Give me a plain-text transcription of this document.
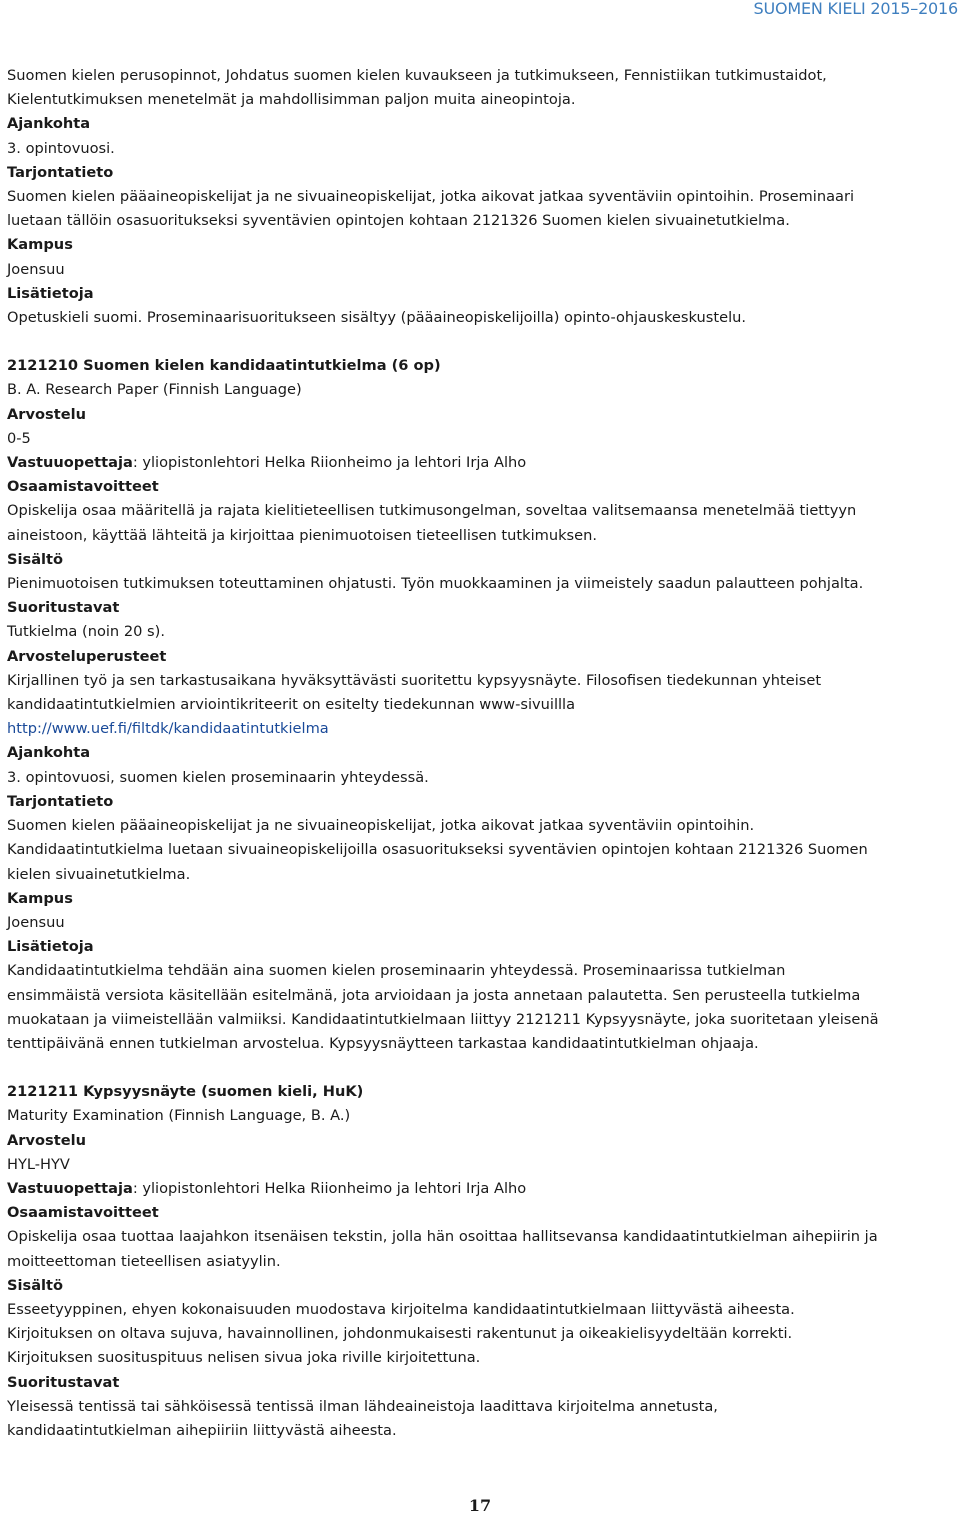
SUOMEN KIELI 2015–2016

Suomen kielen perusopinnot, Johdatus suomen kielen kuvaukseen ja tutkimukseen, Fennistiikan tutkimustaidot,

Kielentutkimuksen menetelmät ja mahdollisimman paljon muita aineopintoja.

Ajankohta

3. opintovuosi.

Tarjontatieto

Suomen kielen pääaineopiskelijat ja ne sivuaineopiskelijat, jotka aikovat jatkaa syventäviin opintoihin. Proseminaari

luetaan tällöin osasuoritukseksi syventävien opintojen kohtaan 2121326 Suomen kielen sivuainetutkielma.

Kampus

Joensuu

Lisätietoja

Opetuskieli suomi. Proseminaarisuoritukseen sisältyy (pääaineopiskelijoilla) opinto-ohjauskeskustelu.

2121210 Suomen kielen kandidaatintutkielma (6 op)

B. A. Research Paper (Finnish Language)

Arvostelu

0-5

Vastuuopettaja: yliopistonlehtori Helka Riionheimo ja lehtori Irja Alho

Osaamistavoitteet

Opiskelija osaa määritellä ja rajata kielitieteellisen tutkimusongelman, soveltaa valitsemaansa menetelmää tiettyyn

aineistoon, käyttää lähteitä ja kirjoittaa pienimuotoisen tieteellisen tutkimuksen.

Sisältö

Pienimuotoisen tutkimuksen toteuttaminen ohjatusti. Työn muokkaaminen ja viimeistely saadun palautteen pohjalta.

Suoritustavat

Tutkielma (noin 20 s).

Arvosteluperusteet

Kirjallinen työ ja sen tarkastusaikana hyväksyttävästi suoritettu kypsyysnäyte. Filosofisen tiedekunnan yhteiset

kandidaatintutkielmien arviointikriteerit on esitelty tiedekunnan www-sivuillla

http://www.uef.fi/filtdk/kandidaatintutkielma

Ajankohta

3. opintovuosi, suomen kielen proseminaarin yhteydessä.

Tarjontatieto

Suomen kielen pääaineopiskelijat ja ne sivuaineopiskelijat, jotka aikovat jatkaa syventäviin opintoihin.

Kandidaatintutkielma luetaan sivuaineopiskelijoilla osasuoritukseksi syventävien opintojen kohtaan 2121326 Suomen

kielen sivuainetutkielma.

Kampus

Joensuu

Lisätietoja

Kandidaatintutkielma tehdään aina suomen kielen proseminaarin yhteydessä. Proseminaarissa tutkielman

ensimmäistä versiota käsitellään esitelmänä, jota arvioidaan ja josta annetaan palautetta. Sen perusteella tutkielma

muokataan ja viimeistellään valmiiksi. Kandidaatintutkielmaan liittyy 2121211 Kypsyysnäyte, joka suoritetaan yleisenä

tenttipäivänä ennen tutkielman arvostelua. Kypsyysnäytteen tarkastaa kandidaatintutkielman ohjaaja.

2121211 Kypsyysnäyte (suomen kieli, HuK)

Maturity Examination (Finnish Language, B. A.)

Arvostelu

HYL-HYV

Vastuuopettaja: yliopistonlehtori Helka Riionheimo ja lehtori Irja Alho

Osaamistavoitteet

Opiskelija osaa tuottaa laajahkon itsenäisen tekstin, jolla hän osoittaa hallitsevansa kandidaatintutkielman aihepiirin ja

moitteettoman tieteellisen asiatyylin.

Sisältö

Esseetyyppinen, ehyen kokonaisuuden muodostava kirjoitelma kandidaatintutkielmaan liittyvästä aiheesta.

Kirjoituksen on oltava sujuva, havainnollinen, johdonmukaisesti rakentunut ja oikeakielisyydeltään korrekti.

Kirjoituksen suosituspituus nelisen sivua joka riville kirjoitettuna.

Suoritustavat

Yleisessä tentissä tai sähköisessä tentissä ilman lähdeaineistoja laadittava kirjoitelma annetusta,

kandidaatintutkielman aihepiiriin liittyvästä aiheesta.

17
